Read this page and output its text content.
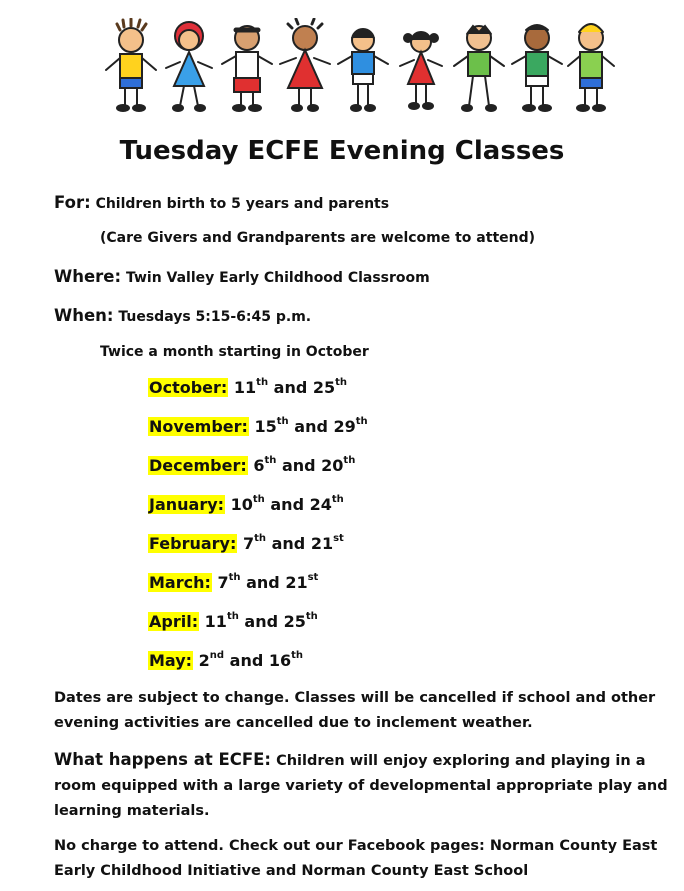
Tuesday ECFE Evening Classes
For: Children birth to 5 years and parents
(Care Givers and Grandparents are welcome to attend)
Where: Twin Valley Early Childhood Classroom
When: Tuesdays 5:15-6:45 p.m.
Twice a month starting in October
October: 11th and 25th
November: 15th and 29th
December: 6th and 20th
January: 10th and 24th
February: 7th and 21st
March: 7th and 21st
April: 11th and 25th
May: 2nd and 16th
Dates are subject to change. Classes will be cancelled if school and other evening activities are cancelled due to inclement weather.
What happens at ECFE: Children will enjoy exploring and playing in a room equipped with a large variety of developmental appropriate play and learning materials.
No charge to attend. Check out our Facebook pages: Norman County East Early Childhood Initiative and Norman County East School
